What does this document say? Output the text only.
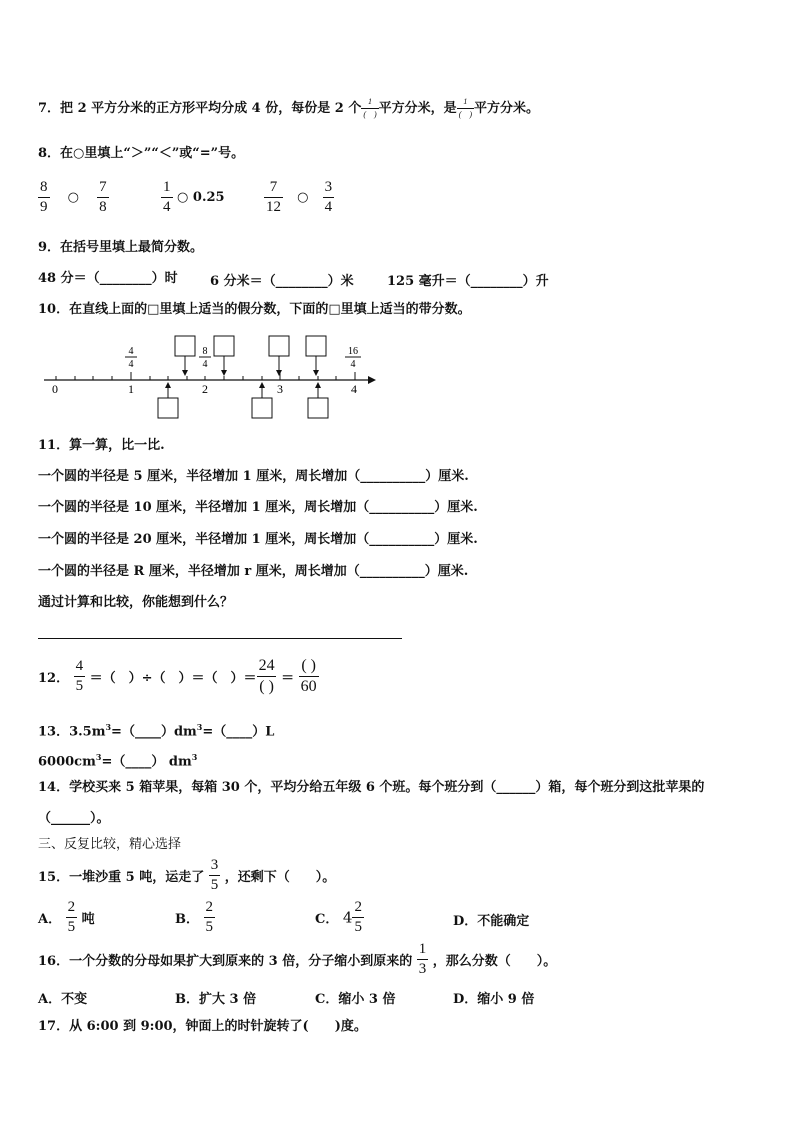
7．把 2 平方分米的正方形平均分成 4 份，每份是 2 个 $\frac{1}{( )}$ 平方分米，是 $\frac{1}{( )}$ 平方分米。
8．在○里填上“＞”“＜”或“=”号。
$\frac{8}{9}$ ○ $\frac{7}{8}$	$\frac{1}{4}$ ○ 0.25	$\frac{7}{12}$ ○ $\frac{3}{4}$
9．在括号里填上最简分数。
48 分＝（________）时 6 分米＝（________）米	125 毫升＝（________）升
10．在直线上面的□里填上适当的假分数，下面的□里填上适当的带分数。
0	1	2	3	4
4
4
8
4
16
4
11．算一算，比一比.
一个圆的半径是 5 厘米，半径增加 1 厘米，周长增加（__________）厘米.
一个圆的半径是 10 厘米，半径增加 1 厘米，周长增加（__________）厘米.
一个圆的半径是 20 厘米，半径增加 1 厘米，周长增加（__________）厘米.
一个圆的半径是 R 厘米，半径增加 r 厘米，周长增加（__________）厘米.
通过计算和比较，你能想到什么？
12． $\frac{4}{5}$ ＝（　）÷（　）＝（　）＝ $\frac{24}{( )} = \frac{( )}{60}$
13．$3.5m^3=(\_\_\_\_)dm^3=(\_\_\_\_)L$
$6000cm^3=(\_\_\_\_)$ $dm^3$
14．学校买来 5 箱苹果，每箱 30 个，平均分给五年级 6 个班。每个班分到（______）箱，每个班分到这批苹果的
（______）。
三、反复比较，精心选择
15．一堆沙重 5 吨，运走了 $\frac{3}{5}$ ，还剩下（　　）。
A． $\frac{2}{5}$ 吨	B． $\frac{2}{5}$	C． $4 \frac{2}{5}$	D．不能确定
16．一个分数的分母如果扩大到原来的 3 倍，分子缩小到原来的 $\frac{1}{3}$ ，那么分数（　　）。
A．不变	B．扩大 3 倍	C．缩小 3 倍	D．缩小 9 倍
17．从 6:00 到 9:00，钟面上的时针旋转了(　　)度。
